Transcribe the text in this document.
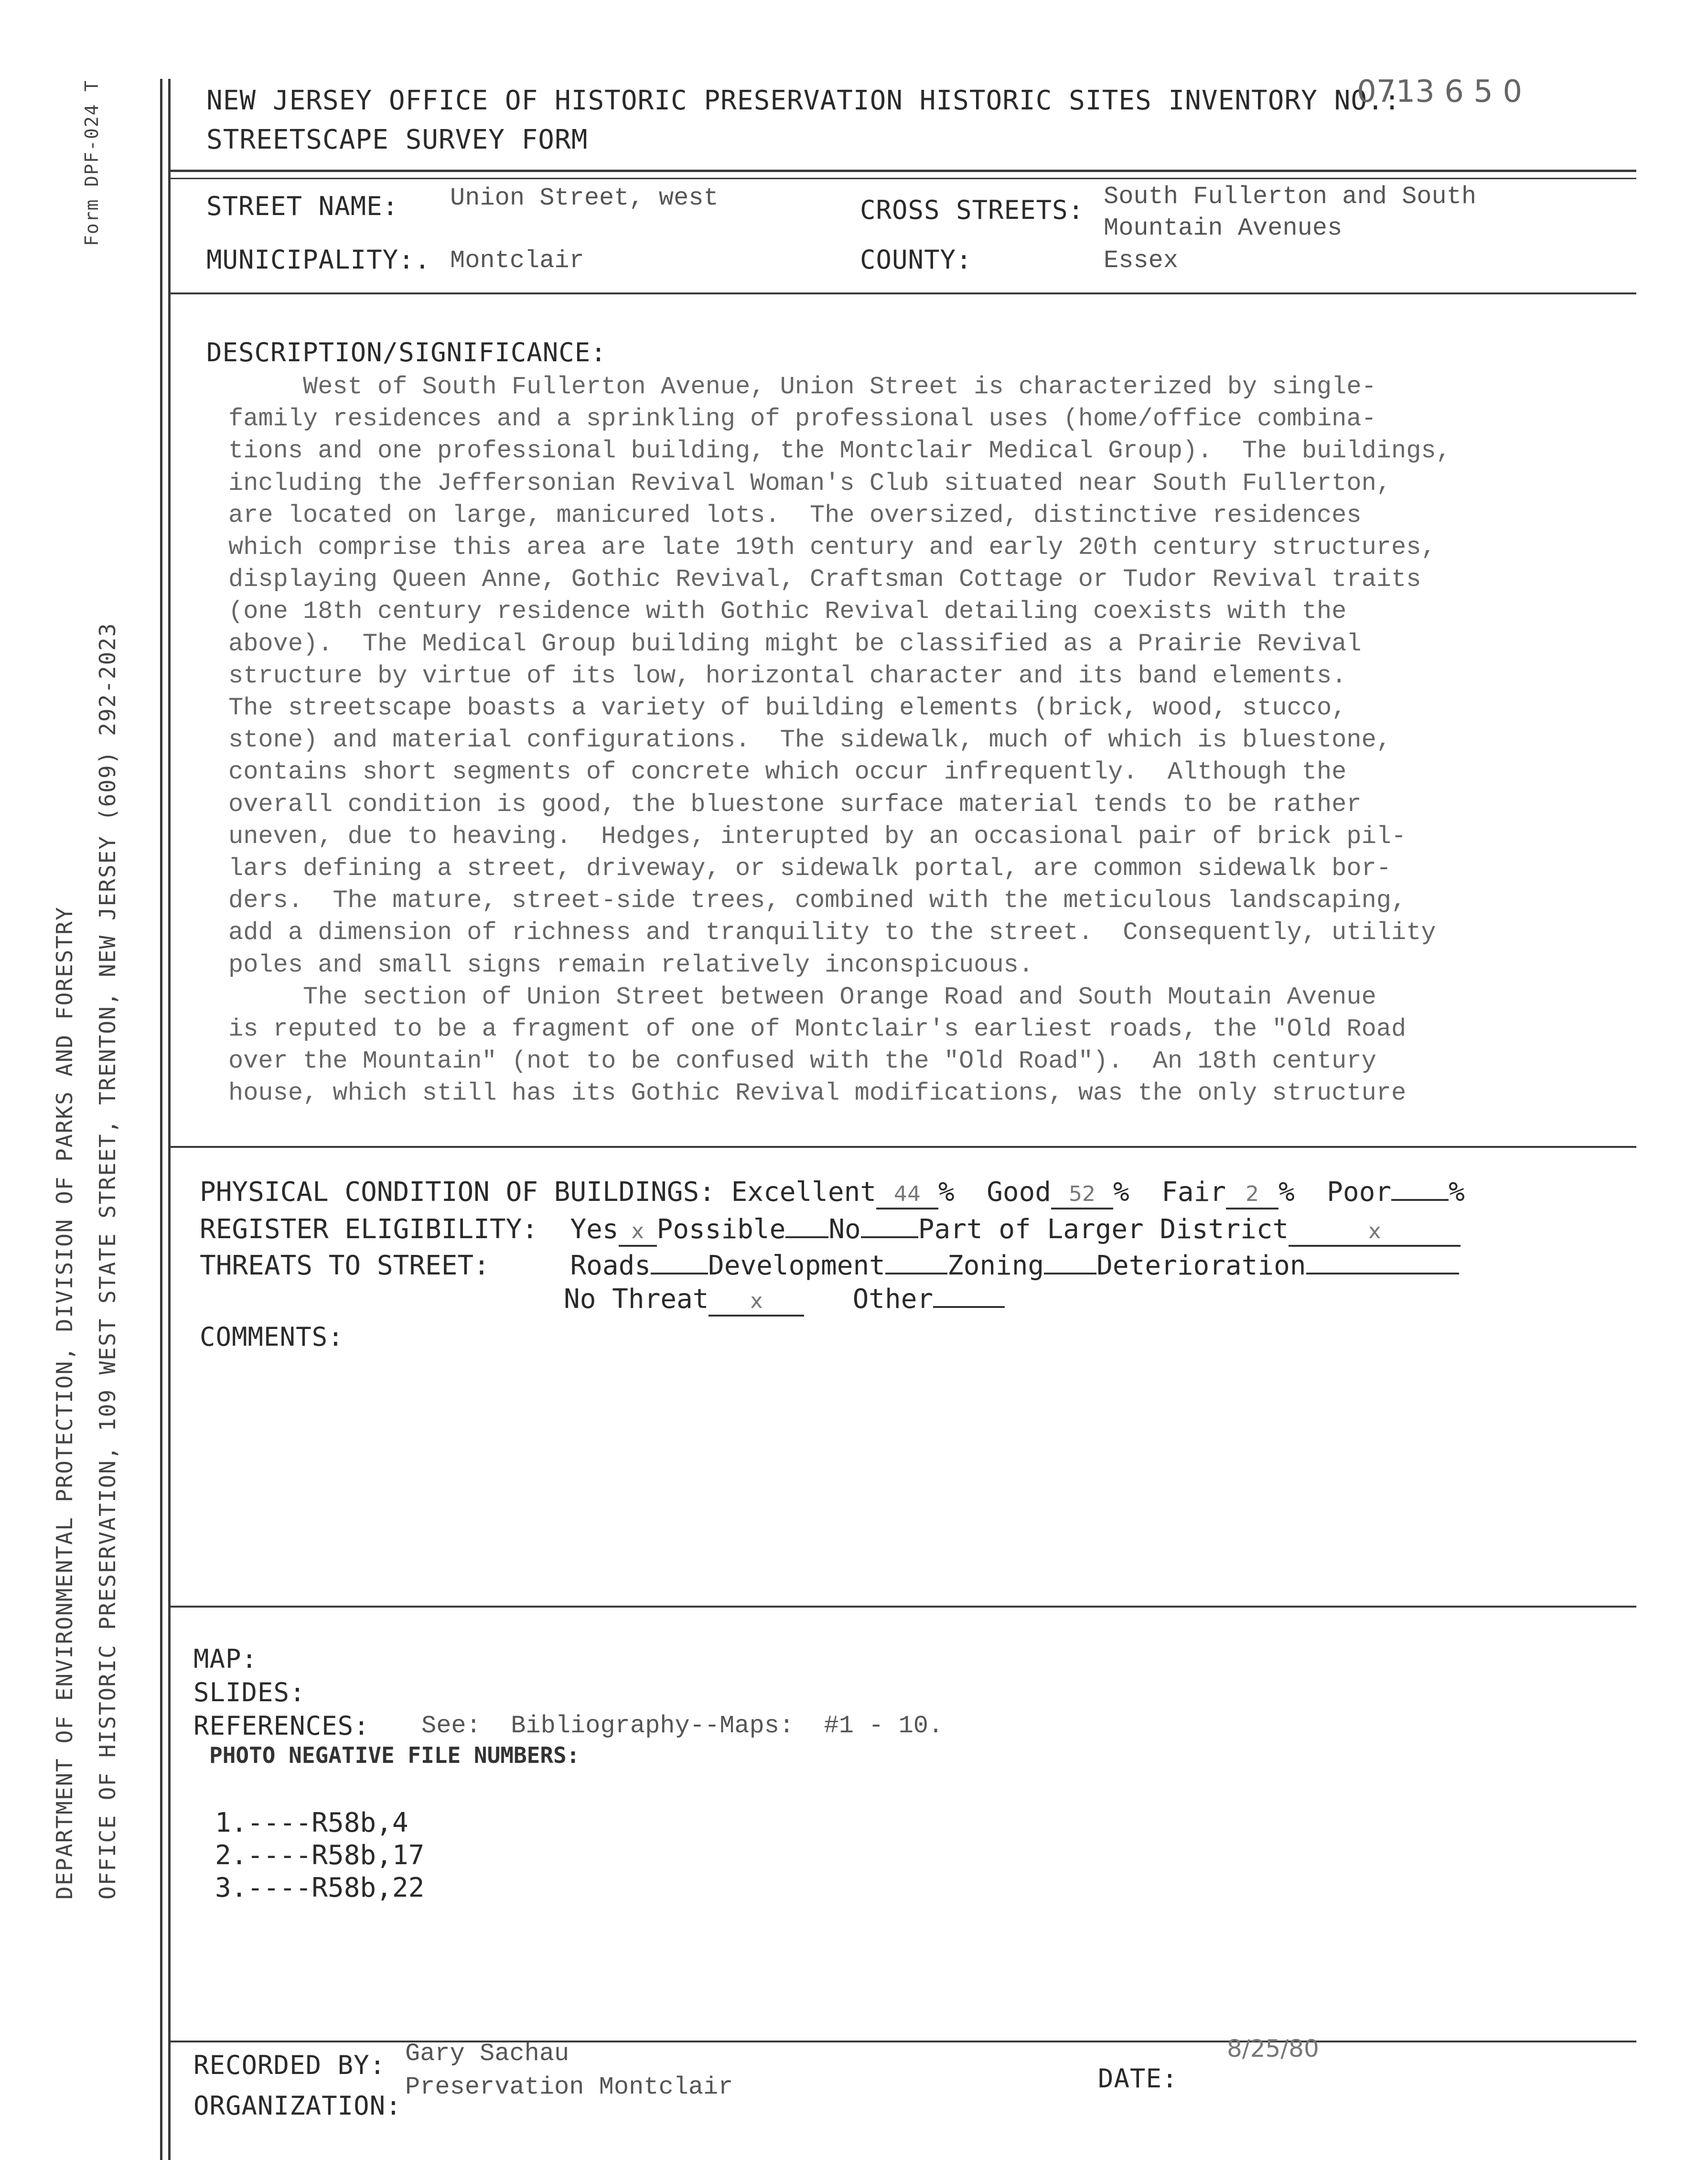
Form DPF-024 T
DEPARTMENT OF ENVIRONMENTAL PROTECTION, DIVISION OF PARKS AND FORESTRY OFFICE OF HISTORIC PRESERVATION, 109 WEST STATE STREET, TRENTON, NEW JERSEY (609) 292-2023
NEW JERSEY OFFICE OF HISTORIC PRESERVATION HISTORIC SITES INVENTORY NO.:
0713 6 5 0
STREETSCAPE SURVEY FORM
STREET NAME: Union Street, west	CROSS STREETS: South Fullerton and South
Mountain Avenues
MUNICIPALITY:. Montclair	COUNTY:	Essex
DESCRIPTION/SIGNIFICANCE:
West of South Fullerton Avenue, Union Street is characterized by single-
family residences and a sprinkling of professional uses (home/office combina-
tions and one professional building, the Montclair Medical Group).  The buildings,
including the Jeffersonian Revival Woman's Club situated near South Fullerton,
are located on large, manicured lots.  The oversized, distinctive residences
which comprise this area are late 19th century and early 20th century structures,
displaying Queen Anne, Gothic Revival, Craftsman Cottage or Tudor Revival traits
(one 18th century residence with Gothic Revival detailing coexists with the
above).  The Medical Group building might be classified as a Prairie Revival
structure by virtue of its low, horizontal character and its band elements.
The streetscape boasts a variety of building elements (brick, wood, stucco,
stone) and material configurations.  The sidewalk, much of which is bluestone,
contains short segments of concrete which occur infrequently.  Although the
overall condition is good, the bluestone surface material tends to be rather
uneven, due to heaving.  Hedges, interupted by an occasional pair of brick pil-
lars defining a street, driveway, or sidewalk portal, are common sidewalk bor-
ders.  The mature, street-side trees, combined with the meticulous landscaping,
add a dimension of richness and tranquility to the street.  Consequently, utility
poles and small signs remain relatively inconspicuous.
The section of Union Street between Orange Road and South Moutain Avenue
is reputed to be a fragment of one of Montclair's earliest roads, the "Old Road
over the Mountain" (not to be confused with the "Old Road").  An 18th century
house, which still has its Gothic Revival modifications, was the only structure
PHYSICAL CONDITION OF BUILDINGS: Excellent 44 % Good 52 % Fair 2 % Poor %
REGISTER ELIGIBILITY: Yes x Possible No Part of Larger District	x
THREATS TO STREET:	Roads Development Zoning Deterioration
No Threat x	Other
COMMENTS:
MAP:
SLIDES:
REFERENCES: See:  Bibliography--Maps:  #1 - 10.
PHOTO NEGATIVE FILE NUMBERS:
1.----R58b,4
2.----R58b,17
3.----R58b,22
RECORDED BY: Gary Sachau
ORGANIZATION:
Preservation Montclair	DATE:
8/25/80
